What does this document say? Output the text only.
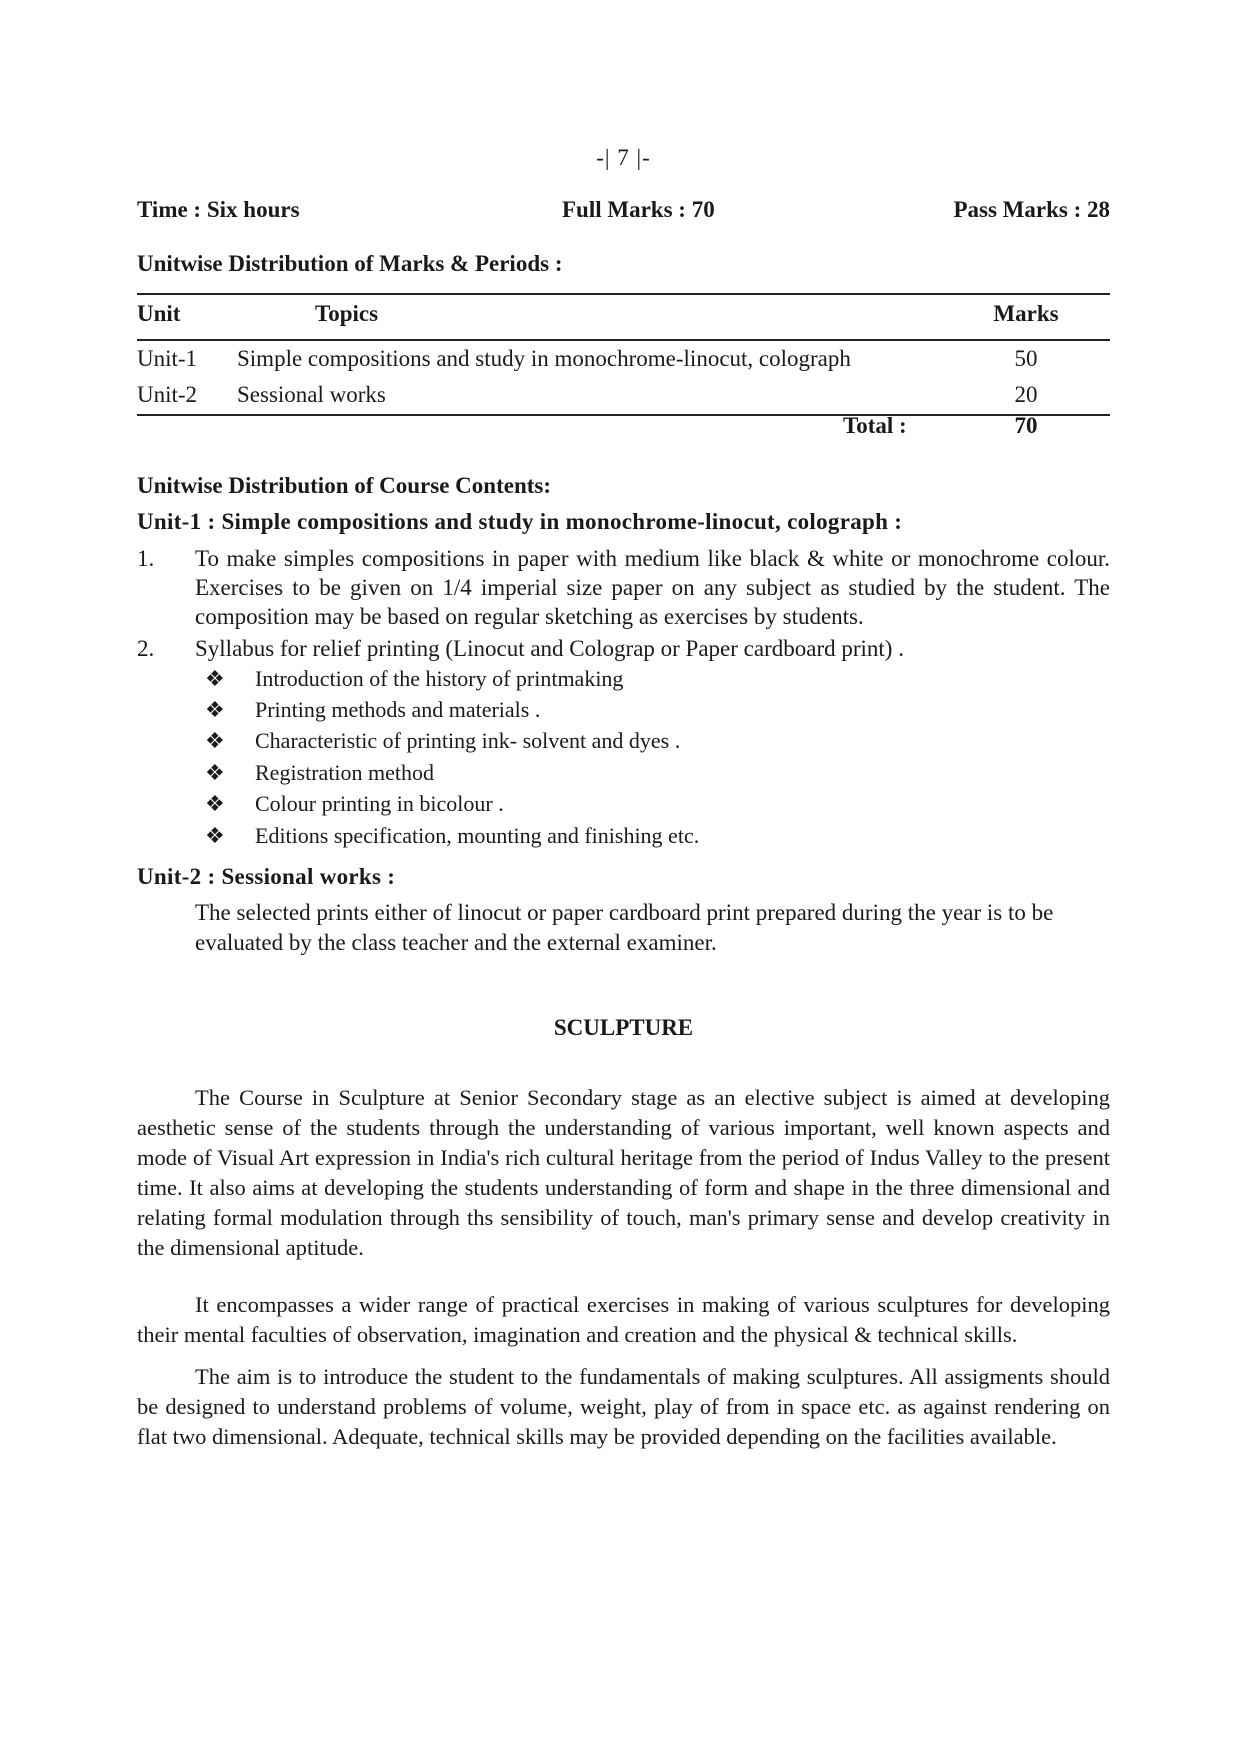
-| 7 |-
Time : Six hours	Full Marks : 70	Pass Marks : 28
Unitwise Distribution of Marks & Periods :
Unit	Topics	Marks
Unit-1 Simple compositions and study in monochrome-linocut, colograph	50
Unit-2 Sessional works	20
Total :	70
Unitwise Distribution of Course Contents:
Unit-1 : Simple compositions and study in monochrome-linocut, colograph :
1. To make simples compositions in paper with medium like black & white or monochrome colour. Exercises to be given on 1/4 imperial size paper on any subject as studied by the student. The composition may be based on regular sketching as exercises by students.
2. Syllabus for relief printing (Linocut and Colograp or Paper cardboard print) .
❖ Introduction of the history of printmaking
❖ Printing methods and materials .
❖ Characteristic of printing ink- solvent and dyes .
❖ Registration method
❖ Colour printing in bicolour .
❖ Editions specification, mounting and finishing etc.
Unit-2 : Sessional works :
The selected prints either of linocut or paper cardboard print prepared during the year is to be evaluated by the class teacher and the external examiner.
SCULPTURE

The Course in Sculpture at Senior Secondary stage as an elective subject is aimed at developing aesthetic sense of the students through the understanding of various important, well known aspects and mode of Visual Art expression in India's rich cultural heritage from the period of Indus Valley to the present time. It also aims at developing the students understanding of form and shape in the three dimensional and relating formal modulation through ths sensibility of touch, man's primary sense and develop creativity in the dimensional aptitude.

It encompasses a wider range of practical exercises in making of various sculptures for developing their mental faculties of observation, imagination and creation and the physical & technical skills.

The aim is to introduce the student to the fundamentals of making sculptures. All assigments should be designed to understand problems of volume, weight, play of from in space etc. as against rendering on flat two dimensional. Adequate, technical skills may be provided depending on the facilities available.
